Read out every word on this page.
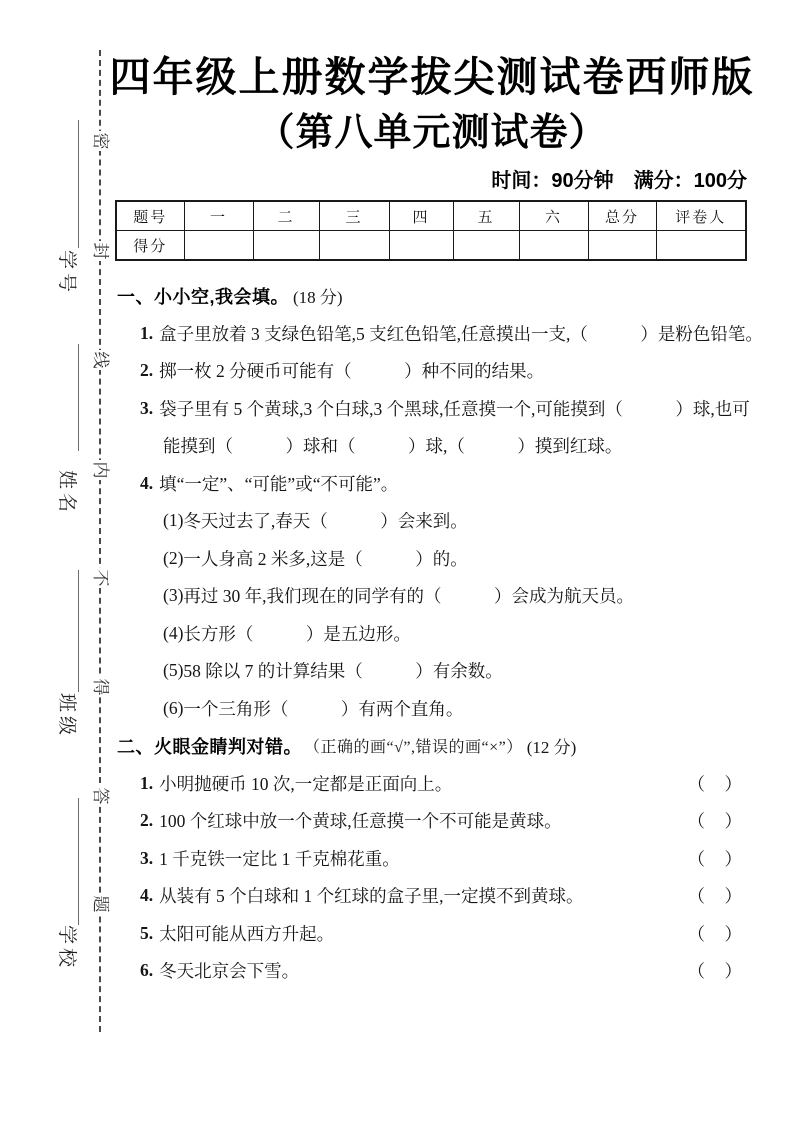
学号
姓名
班级
学校
密
封
线
内
不
得
答
题
四年级上册数学拔尖测试卷西师版
（第八单元测试卷）
时间：90分钟　满分：100分
题号	一	二	三	四	五	六	总分	评卷人
得分								
一、小小空,我会填。 (18 分)
1. 盒子里放着 3 支绿色铅笔,5 支红色铅笔,任意摸出一支,（　　　）是粉色铅笔。
2. 掷一枚 2 分硬币可能有（　　　）种不同的结果。
3. 袋子里有 5 个黄球,3 个白球,3 个黑球,任意摸一个,可能摸到（　　　）球,也可
能摸到（　　　）球和（　　　）球,（　　　）摸到红球。
4. 填“一定”、“可能”或“不可能”。
(1) 冬天过去了,春天（　　　）会来到。
(2) 一人身高 2 米多,这是（　　　）的。
(3) 再过 30 年,我们现在的同学有的（　　　）会成为航天员。
(4) 长方形（　　　）是五边形。
(5) 58 除以 7 的计算结果（　　　）有余数。
(6) 一个三角形（　　　）有两个直角。
二、火眼金睛判对错。 （正确的画“√”,错误的画“×”） (12 分)
1. 小明抛硬币 10 次,一定都是正面向上。	（　）
2. 100 个红球中放一个黄球,任意摸一个不可能是黄球。	（　）
3. 1 千克铁一定比 1 千克棉花重。	（　）
4. 从装有 5 个白球和 1 个红球的盒子里,一定摸不到黄球。	（　）
5. 太阳可能从西方升起。	（　）
6. 冬天北京会下雪。	（　）
